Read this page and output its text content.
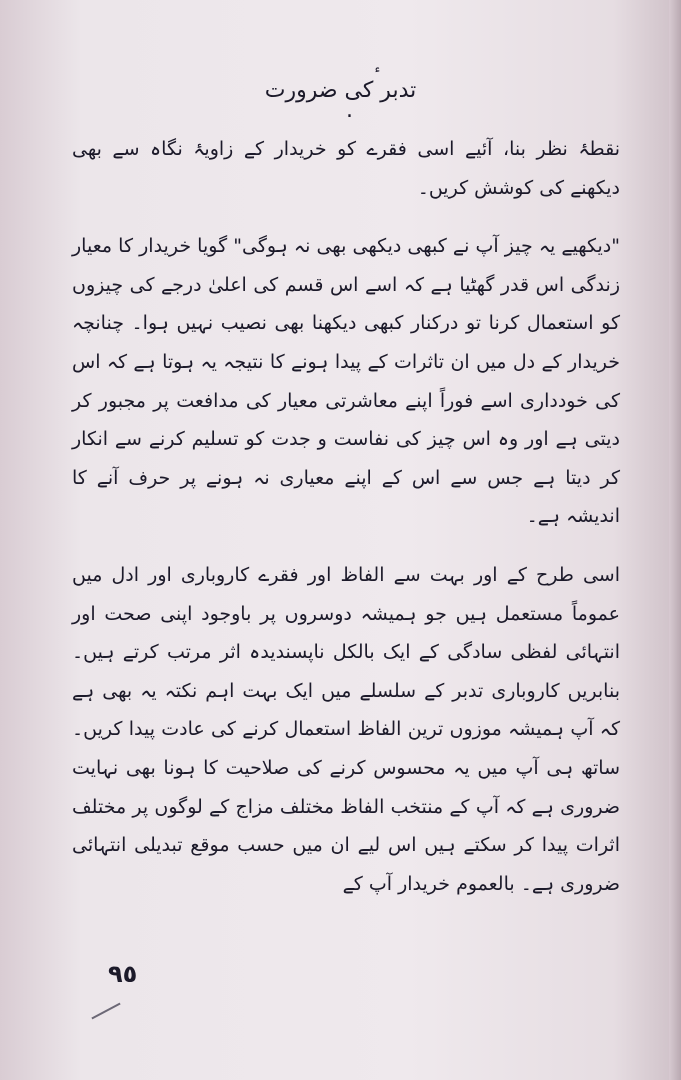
.
تدبر کی ضرورت

نقطۂ نظر بنا، آئیے اسی فقرے کو خریدار کے زاویۂ نگاہ سے بھی دیکھنے کی کوشش کریں۔

"دیکھیے یہ چیز آپ نے کبھی دیکھی بھی نہ ہوگی" گویا خریدار کا معیار زندگی اس قدر گھٹیا ہے کہ اسے اس قسم کی اعلیٰ درجے کی چیزوں کو استعمال کرنا تو درکنار کبھی دیکھنا بھی نصیب نہیں ہوا۔ چنانچہ خریدار کے دل میں ان تاثرات کے پیدا ہونے کا نتیجہ یہ ہوتا ہے کہ اس کی خودداری اسے فوراً اپنے معاشرتی معیار کی مدافعت پر مجبور کر دیتی ہے اور وہ اس چیز کی نفاست و جدت کو تسلیم کرنے سے انکار کر دیتا ہے جس سے اس کے اپنے معیاری نہ ہونے پر حرف آنے کا اندیشہ ہے۔

اسی طرح کے اور بہت سے الفاظ اور فقرے کاروباری اور ادل میں عموماً مستعمل ہیں جو ہمیشہ دوسروں پر باوجود اپنی صحت اور انتہائی لفظی سادگی کے ایک بالکل ناپسندیدہ اثر مرتب کرتے ہیں۔ بنابریں کاروباری تدبر کے سلسلے میں ایک بہت اہم نکتہ یہ بھی ہے کہ آپ ہمیشہ موزوں ترین الفاظ استعمال کرنے کی عادت پیدا کریں۔ ساتھ ہی آپ میں یہ محسوس کرنے کی صلاحیت کا ہونا بھی نہایت ضروری ہے کہ آپ کے منتخب الفاظ مختلف مزاج کے لوگوں پر مختلف اثرات پیدا کر سکتے ہیں اس لیے ان میں حسب موقع تبدیلی انتہائی ضروری ہے۔ بالعموم خریدار آپ کے

٩٥
